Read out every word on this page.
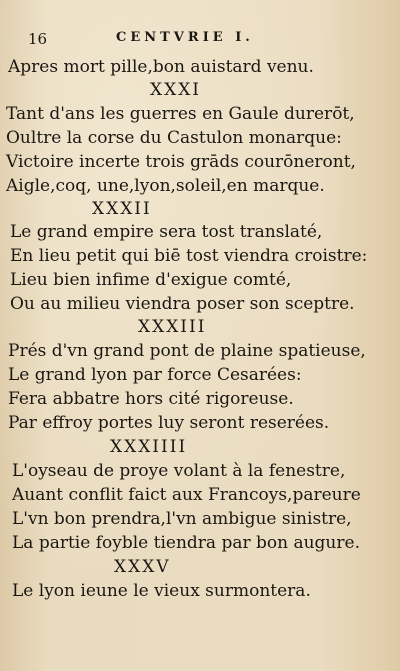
16	CENTVRIE I.
Apres mort pille,bon auistard venu.
XXXI
Tant d'ans les guerres en Gaule durerōt,
Oultre la corse du Castulon monarque:
Victoire incerte trois grāds courōneront,
Aigle,coq, une,lyon,soleil,en marque.
XXXII
Le grand empire sera tost translaté,
En lieu petit qui biē tost viendra croistre:
Lieu bien infime d'exigue comté,
Ou au milieu viendra poser son sceptre.
XXXIII
Prés d'vn grand pont de plaine spatieuse,
Le grand lyon par force Cesarées:
Fera abbatre hors cité rigoreuse.
Par effroy portes luy seront reserées.
XXXIIII
L'oyseau de proye volant à la fenestre,
Auant conflit faict aux Francoys,pareure
L'vn bon prendra,l'vn ambigue sinistre,
La partie foyble tiendra par bon augure.
XXXV
Le lyon ieune le vieux surmontera.
